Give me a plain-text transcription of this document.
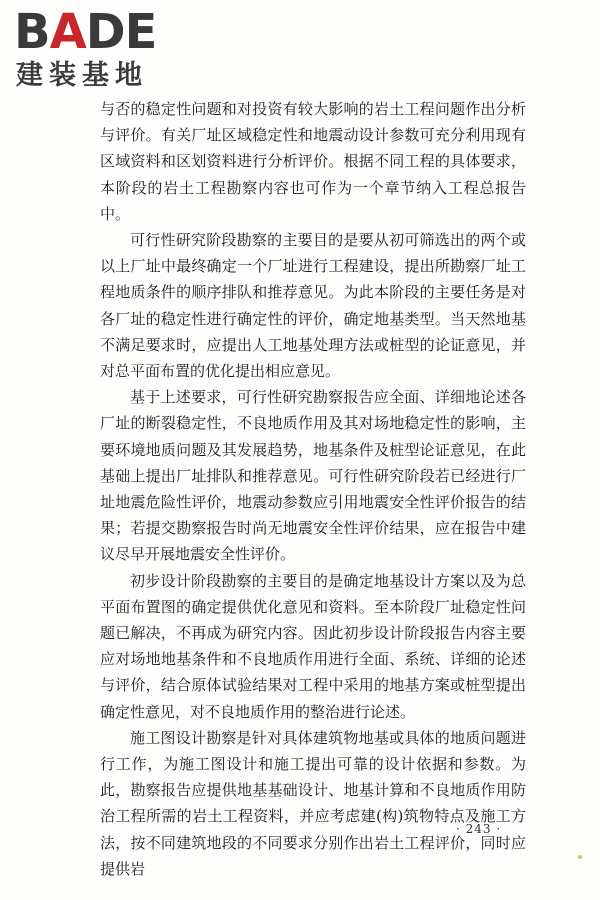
BADE
建装基地

与否的稳定性问题和对投资有较大影响的岩土工程问题作出分析与评价。有关厂址区域稳定性和地震动设计参数可充分利用现有区域资料和区划资料进行分析评价。根据不同工程的具体要求，本阶段的岩土工程勘察内容也可作为一个章节纳入工程总报告中。

可行性研究阶段勘察的主要目的是要从初可筛选出的两个或以上厂址中最终确定一个厂址进行工程建设，提出所勘察厂址工程地质条件的顺序排队和推荐意见。为此本阶段的主要任务是对各厂址的稳定性进行确定性的评价，确定地基类型。当天然地基不满足要求时，应提出人工地基处理方法或桩型的论证意见，并对总平面布置的优化提出相应意见。

基于上述要求，可行性研究勘察报告应全面、详细地论述各厂址的断裂稳定性，不良地质作用及其对场地稳定性的影响，主要环境地质问题及其发展趋势，地基条件及桩型论证意见，在此基础上提出厂址排队和推荐意见。可行性研究阶段若已经进行厂址地震危险性评价，地震动参数应引用地震安全性评价报告的结果；若提交勘察报告时尚无地震安全性评价结果，应在报告中建议尽早开展地震安全性评价。

初步设计阶段勘察的主要目的是确定地基设计方案以及为总平面布置图的确定提供优化意见和资料。至本阶段厂址稳定性问题已解决，不再成为研究内容。因此初步设计阶段报告内容主要应对场地地基条件和不良地质作用进行全面、系统、详细的论述与评价，结合原体试验结果对工程中采用的地基方案或桩型提出确定性意见，对不良地质作用的整治进行论述。

施工图设计勘察是针对具体建筑物地基或具体的地质问题进行工作，为施工图设计和施工提出可靠的设计依据和参数。为此，勘察报告应提供地基基础设计、地基计算和不良地质作用防治工程所需的岩土工程资料，并应考虑建(构)筑物特点及施工方法，按不同建筑地段的不同要求分别作出岩土工程评价，同时应提供岩

· 243 ·
